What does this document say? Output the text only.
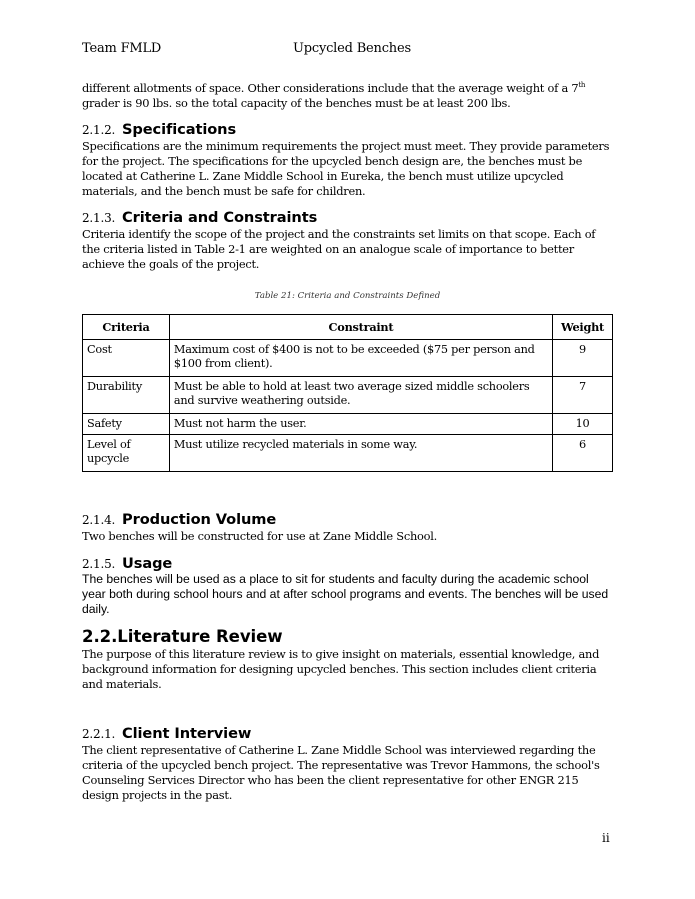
Team FMLD	Upcycled Benches
different allotments of space. Other considerations include that the average weight of a 7th grader is 90 lbs. so the total capacity of the benches must be at least 200 lbs.
2.1.2. Specifications
Specifications are the minimum requirements the project must meet. They provide parameters for the project. The specifications for the upcycled bench design are, the benches must be located at Catherine L. Zane Middle School in Eureka, the bench must utilize upcycled materials, and the bench must be safe for children.
2.1.3. Criteria and Constraints
Criteria identify the scope of the project and the constraints set limits on that scope. Each of the criteria listed in Table 2-1 are weighted on an analogue scale of importance to better achieve the goals of the project.
Table 21: Criteria and Constraints Defined
Criteria	Constraint	Weight
Cost	Maximum cost of $400 is not to be exceeded ($75 per person and $100 from client).	9
Durability	Must be able to hold at least two average sized middle schoolers and survive weathering outside.	7
Safety	Must not harm the user.	10
Level of upcycle	Must utilize recycled materials in some way.	6
2.1.4. Production Volume
Two benches will be constructed for use at Zane Middle School.
2.1.5. Usage
The benches will be used as a place to sit for students and faculty during the academic school year both during school hours and at after school programs and events. The benches will be used daily.
2.2.Literature Review
The purpose of this literature review is to give insight on materials, essential knowledge, and background information for designing upcycled benches. This section includes client criteria and materials.
2.2.1. Client Interview
The client representative of Catherine L. Zane Middle School was interviewed regarding the criteria of the upcycled bench project. The representative was Trevor Hammons, the school's Counseling Services Director who has been the client representative for other ENGR 215 design projects in the past.
ii
